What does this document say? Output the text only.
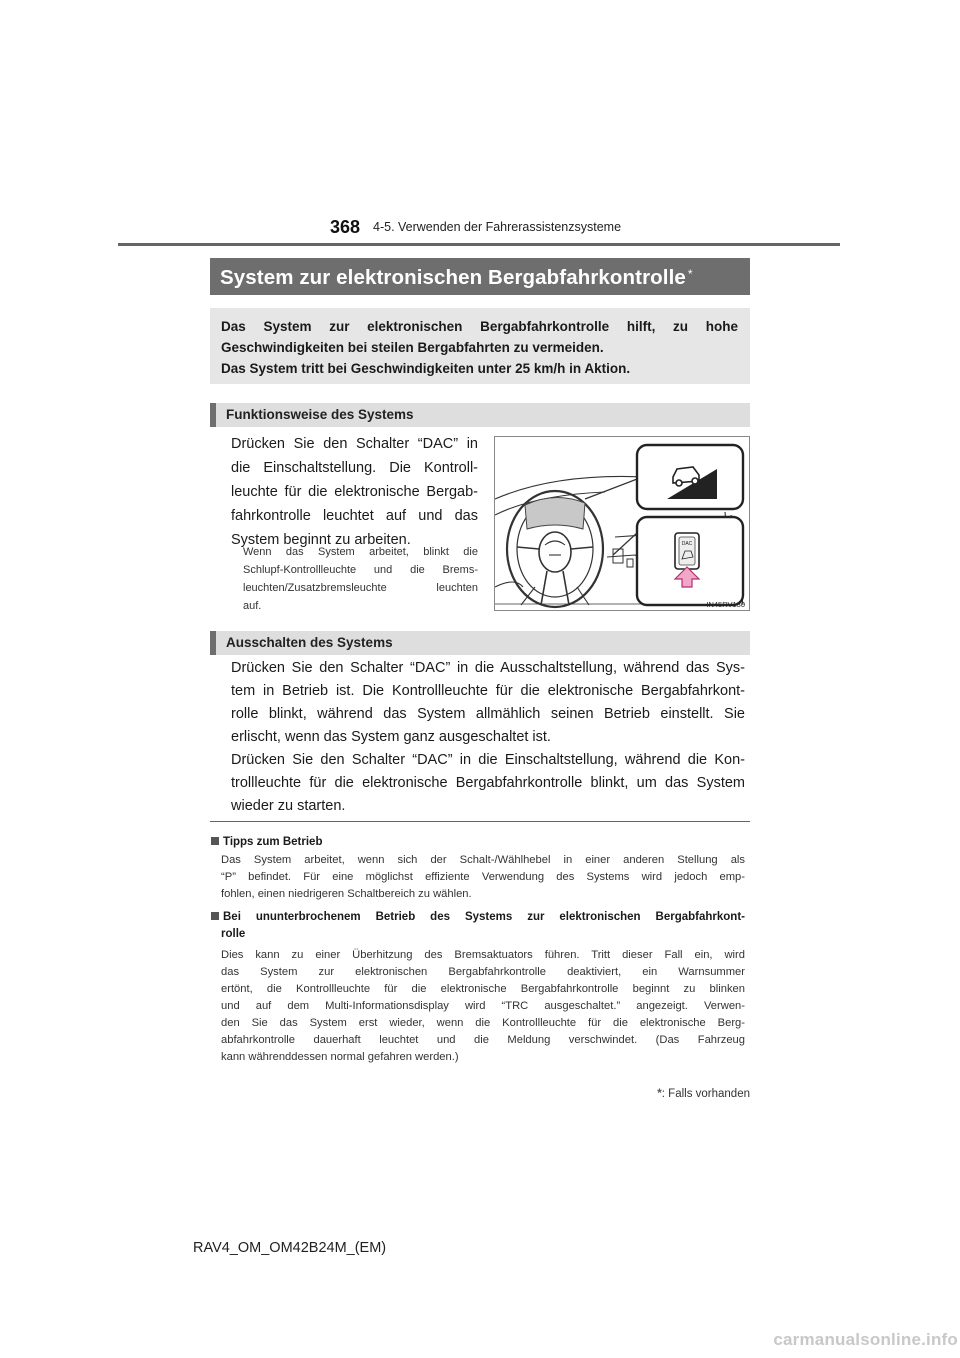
368 4-5. Verwenden der Fahrerassistenzsysteme
System zur elektronischen Bergabfahrkontrolle *
Das System zur elektronischen Bergabfahrkontrolle hilft, zu hohe
Geschwindigkeiten bei steilen Bergabfahrten zu vermeiden.
Das System tritt bei Geschwindigkeiten unter 25 km/h in Aktion.
Funktionsweise des Systems
Drücken Sie den Schalter “DAC” in
die Einschaltstellung. Die Kontroll-
leuchte für die elektronische Bergab-
fahrkontrolle leuchtet auf und das
System beginnt zu arbeiten.
Wenn das System arbeitet, blinkt die
Schlupf-Kontrollleuchte und die Brems-
leuchten/Zusatzbremsleuchte leuchten
auf.
DAC
IN45RV130
Ausschalten des Systems

Drücken Sie den Schalter “DAC” in die Ausschaltstellung, während das Sys-
tem in Betrieb ist. Die Kontrollleuchte für die elektronische Bergabfahrkont-
rolle blinkt, während das System allmählich seinen Betrieb einstellt. Sie
erlischt, wenn das System ganz ausgeschaltet ist.

Drücken Sie den Schalter “DAC” in die Einschaltstellung, während die Kon-
trollleuchte für die elektronische Bergabfahrkontrolle blinkt, um das System
wieder zu starten.

Tipps zum Betrieb
Das System arbeitet, wenn sich der Schalt-/Wählhebel in einer anderen Stellung als
“P” befindet. Für eine möglichst effiziente Verwendung des Systems wird jedoch emp-
fohlen, einen niedrigeren Schaltbereich zu wählen.
Bei ununterbrochenem Betrieb des Systems zur elektronischen Bergabfahrkont-
rolle
Dies kann zu einer Überhitzung des Bremsaktuators führen. Tritt dieser Fall ein, wird
das System zur elektronischen Bergabfahrkontrolle deaktiviert, ein Warnsummer
ertönt, die Kontrollleuchte für die elektronische Bergabfahrkontrolle beginnt zu blinken
und auf dem Multi-Informationsdisplay wird “TRC ausgeschaltet.” angezeigt. Verwen-
den Sie das System erst wieder, wenn die Kontrollleuchte für die elektronische Berg-
abfahrkontrolle dauerhaft leuchtet und die Meldung verschwindet. (Das Fahrzeug
kann währenddessen normal gefahren werden.)
*: Falls vorhanden
RAV4_OM_OM42B24M_(EM)
carmanualsonline.info
